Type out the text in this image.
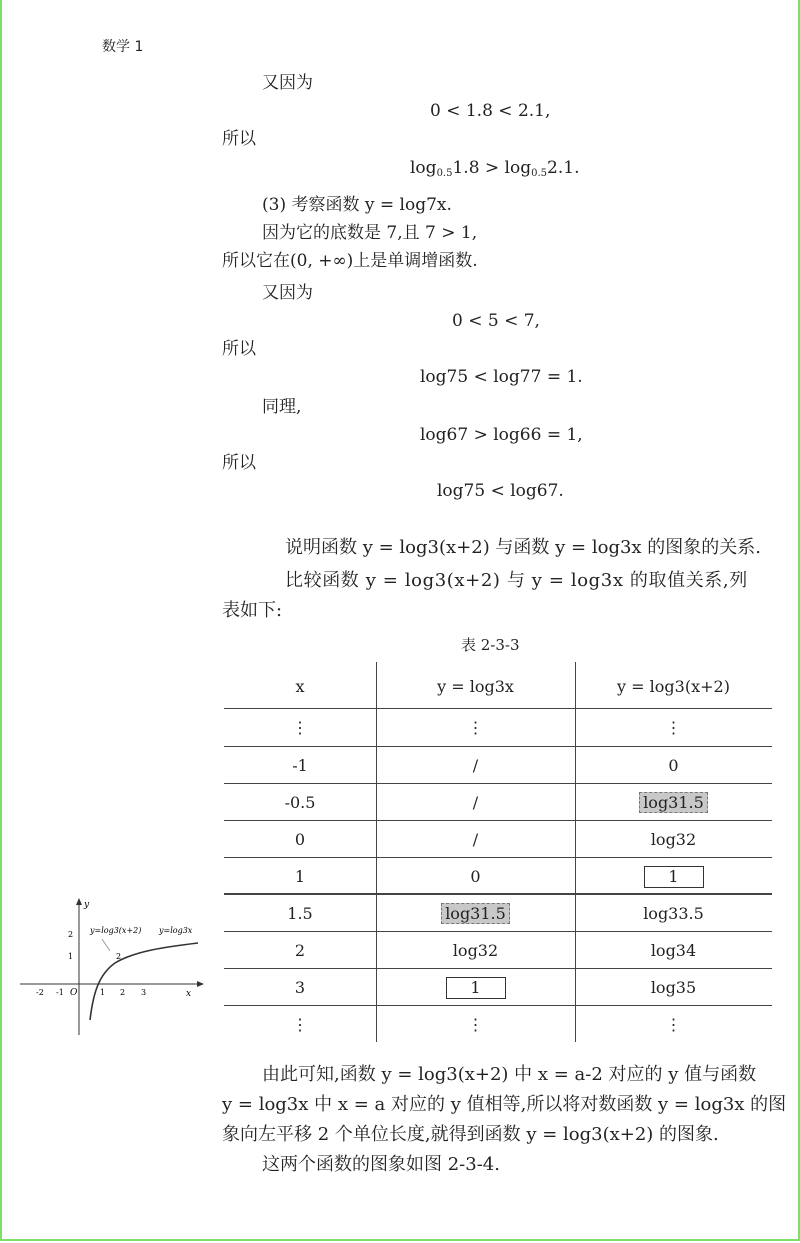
数学 1
又因为
0 < 1.8 < 2.1,
所以
$\log_{0.5}1.8 > \log_{0.5}2.1$.
(3) 考察函数 y = log7x.
因为它的底数是 7,且 7 > 1,
所以它在(0, +∞)上是单调增函数.
又因为
0 < 5 < 7,
所以
log75 < log77 = 1.
同理,
log67 > log66 = 1,
所以
log75 < log67.
说明函数 y = log3(x+2) 与函数 y = log3x 的图象的关系.
比较函数 y = log3(x+2) 与 y = log3x 的取值关系,列
表如下:
表 2-3-3
x	y = log3x	y = log3(x+2)
⋮	⋮	⋮
-1	/	0
-0.5	/	log31.5
0	/	log32
1	0	1
1.5	log31.5	log33.5
2	log32	log34
3	1	log35
⋮	⋮	⋮
y
x
O
2
1
-2 -1	1 2 3
y=log3(x+2) y=log3x
2
由此可知,函数 y = log3(x+2) 中 x = a-2 对应的 y 值与函数
y = log3x 中 x = a 对应的 y 值相等,所以将对数函数 y = log3x 的图
象向左平移 2 个单位长度,就得到函数 y = log3(x+2) 的图象.
这两个函数的图象如图 2-3-4.
